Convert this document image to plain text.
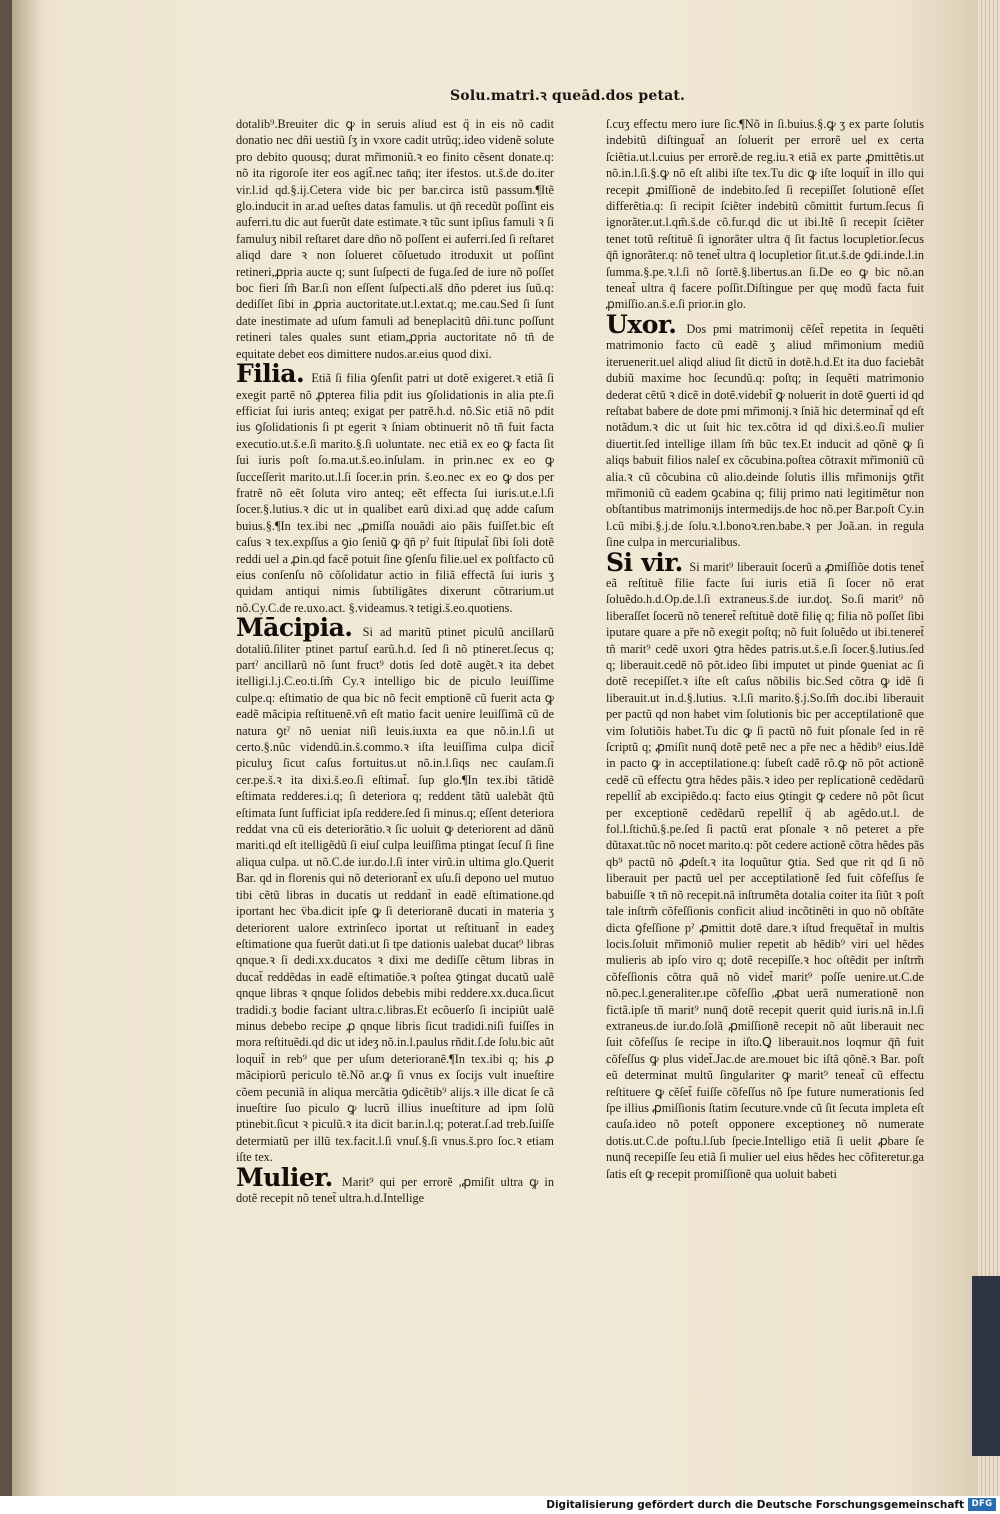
Solu.matri.ꝛ queād.dos petat.

dotalib⁹.Breuiter dic ꝙ in seruis aliud est q̈ in eis nõ cadit donatio nec dñi uestiũ ſʒ in vxore cadit utrũq;.ideo videnẽ solute pro debito quousq; durat mr̃imoniũ.ꝛ eo finito cẽsent donate.q: nõ ita rigoroſe iter eos agit̃.nec tan̄q; iter ifestos. ut.š.de do.iter vir.l.id qd.§.ij.Cetera vide bic per bar.circa istũ passum.¶Itẽ glo.inducit in ar.ad ueſtes datas famulis. ut q̄ñ recedũt poſſint eis auferri.tu dic aut fuerũt date estimate.ꝛ tũc sunt ipſius famuli ꝛ ſi famuluʒ nibil reſtaret dare dño nõ poſſent ei auferri.ſed ſi reſtaret aliqd dare ꝛ non ſolueret cõſuetudo itroduxit ut poſſint retineri,ꝓpria aucte q; sunt ſuſpecti de fuga.ſed de iure nõ poſſet boc fieri ſm̃ Bar.ſi non eſſent ſuſpecti.alš dño pderet ius ſuũ.q: dediſſet ſibi in ꝓpria auctoritate.ut.l.extat.q; me.cau.Sed ſi ſunt date inestimate ad uſum famuli ad beneplacitũ dñi.tunc poſſunt retineri tales quales sunt etiam,ꝓpria auctoritate nõ tñ de equitate debet eos dimittere nudos.ar.eius quod dixi.

Filia. Etiã ſi filia ꝯſenſit patri ut dotẽ exigeret.ꝛ etiã ſi exegit partẽ nõ ꝓpterea filia pdit ius ꝯſolidationis in alia pte.ſi efficiat ſui iuris anteq; exigat per patrẽ.h.d. nõ.Sic etiã nõ pdit ius ꝯſolidationis ſi pt egerit ꝛ ſniam obtinuerit nõ tñ fuit facta executio.ut.š.e.ſi marito.§.ſi uoluntate. nec etiã ex eo ꝙ facta ſit ſui iuris poſt ſo.ma.ut.š.eo.inſulam. in prin.nec ex eo ꝙ ſucceſſerit marito.ut.l.ſi ſocer.in prin. š.eo.nec ex eo ꝙ dos per fratrẽ nõ eẽt ſoluta viro anteq; eẽt effecta ſui iuris.ut.e.l.ſi ſocer.§.lutius.ꝛ dic ut in qualibet earũ dixi.ad quę adde caſum buius.§.¶In tex.ibi nec ,ꝓmiſſa nouãdi aio pãis fuiſſet.bic eſt caſus ꝛ tex.expſſus a ꝯio ſeniũ ꝙ q̄ñ pˀ fuit ſtipulat̃ ſibi ſoli dotẽ reddi uel a ꝓin.qd facẽ potuit ſine ꝯſenſu filie.uel ex poſtfacto cũ eius conſenſu nõ cõſolidatur actio in filiã effectã ſui iuris ʒ quidam antiqui nimis ſubtiligãtes dixerunt cõtrarium.ut nõ.Cy.C.de re.uxo.act. §.videamus.ꝛ tetigi.š.eo.quotiens.

Mācipia. Si ad maritũ ptinet piculũ ancillarũ dotaliũ.ſiliter ptinet partuſ earũ.h.d. ſed ſi nõ ptineret.ſecus q; partˀ ancillarũ nõ ſunt fruct⁹ dotis ſed dotẽ augẽt.ꝛ ita debet itelligi.l.j.C.eo.ti.ſm̃ Cy.ꝛ intelligo bic de piculo leuiſſime culpe.q: eſtimatio de qua bic nõ fecit emptionẽ cũ fuerit acta ꝙ eadẽ mãcipia reſtituenẽ.vñ eſt matio facit uenire leuiſſimã cũ de natura ꝯtˀ nõ ueniat niſi leuis.iuxta ea que nõ.in.l.ſi ut certo.§.nũc videndũ.in.š.commo.ꝛ iſta leuiſſima culpa dicit̃ piculuʒ ſicut caſus fortuitus.ut nõ.in.l.ſiqs nec cauſam.ſi cer.pe.š.ꝛ ita dixi.š.eo.ſi eſtimat̃. ſup glo.¶In tex.ibi tãtidẽ eſtimata redderes.i.q; ſi deteriora q; reddent tãtũ ualebãt q̄tũ eſtimata ſunt ſufficiat ipſa reddere.ſed ſi minus.q; eſſent deteriora reddat vna cũ eis deteriorãtio.ꝛ ſic uoluit ꝙ deteriorent ad dãnũ mariti.qd eſt itelligẽdũ ſi eiuſ culpa leuiſſima ptingat ſecuſ ſi ſine aliqua culpa. ut nõ.C.de iur.do.l.ſi inter virũ.in ultima glo.Querit Bar. qd in florenis qui nõ deteriorant̃ ex uſu.ſi depono uel mutuo tibi cẽtũ libras in ducatis ut reddant̃ in eadẽ eſtimatione.qd iportant hec v̈ba.dicit ipſe ꝙ ſi deterioranẽ ducati in materia ʒ deteriorent ualore extrinſeco iportat ut reſtituant̃ in eadeʒ eſtimatione qua fuerũt dati.ut ſi tpe dationis ualebat ducat⁹ libras qnque.ꝛ ſi dedi.xx.ducatos ꝛ dixi me dediſſe cẽtum libras in ducat̃ reddẽdas in eadẽ eſtimatiõe.ꝛ poſtea ꝯtingat ducatũ ualẽ qnque libras ꝛ qnque ſolidos debebis mibi reddere.xx.duca.ſicut tradidi.ʒ bodie faciant ultra.c.libras.Et ecõuerſo ſi incipiũt ualẽ minus debebo recipe ꝓ qnque libris ſicut tradidi.niſi fuiſſes in mora reſtituẽdi.qd dic ut ideʒ nõ.in.l.paulus rñdit.ſ.de ſolu.bic aũt loquit̃ in reb⁹ que per uſum deterioranẽ.¶In tex.ibi q; his ꝓ mãcipiorũ periculo tẽ.Nõ ar.ꝙ ſi vnus ex ſocijs vult inueſtire cõem pecuniã in aliqua mercãtia ꝯdicẽtib⁹ alijs.ꝛ ille dicat ſe cã inueſtire ſuo piculo ꝙ lucrũ illius inueſtiture ad ipm ſolũ ptinebit.ſicut ꝛ piculũ.ꝛ ita dicit bar.in.l.q; poterat.ſ.ad treb.ſuiſſe determiatũ per illũ tex.facit.l.ſi vnuſ.§.ſi vnus.š.pro ſoc.ꝛ etiam iſte tex.

Mulier. Marit⁹ qui per errorẽ ,ꝓmiſit ultra ꝙ in dotẽ recepit nõ tenet̃ ultra.h.d.Intellige

ſ.cuʒ effectu mero iure ſic.¶Nõ in ſi.buius.§.ꝙ ʒ ex parte ſolutis indebitũ diſtinguat̃ an ſoluerit per errorẽ uel ex certa ſciẽtia.ut.l.cuius per errorẽ.de reg.iu.ꝛ etiã ex parte ꝓmittẽtis.ut nõ.in.l.ſi.§.ꝙ nõ eſt alibi iſte tex.Tu dic ꝙ iſte loquit̃ in illo qui recepit ꝓmiſſionẽ de indebito.ſed ſi recepiſſet ſolutionẽ eſſet differẽtia.q: ſi recipit ſciẽter indebitũ cõmittit furtum.ſecus ſi ignorãter.ut.l.qm̃.š.de cõ.fur.qd dic ut ibi.Itẽ ſi recepit ſciẽter tenet totũ reſtituẽ ſi ignorãter ultra q̄ ſit factus locupletior.ſecus q̄ñ ignorãter.q: nõ tenet̃ ultra q̄ locupletior ſit.ut.š.de ꝯdi.inde.l.in ſumma.§.pe.ꝛ.l.ſi nõ ſortẽ.§.libertus.an ſi.De eo ꝙ bic nõ.an teneat̃ ultra q̄ facere poſſit.Diſtingue per quę modũ facta fuit ꝓmiſſio.an.š.e.ſi prior.in glo.

Uxor. Dos pmi matrimonij cẽſet̃ repetita in ſequẽti matrimonio facto cũ eadẽ ʒ aliud mr̃imonium mediũ iteruenerit.uel aliqd aliud ſit dictũ in dotẽ.h.d.Et ita duo faciebãt dubiũ maxime hoc ſecundũ.q: poſtq; in ſequẽti matrimonio dederat cẽtũ ꝛ dicẽ in dotẽ.videbit̃ ꝙ noluerit in dotẽ ꝯuerti id qd reſtabat babere de dote pmi mr̃imonij.ꝛ ſniã hic determinat̃ qd eſt notãdum.ꝛ dic ut ſuit hic tex.cõtra id qd dixi.š.eo.ſi mulier diuertit.ſed intellige illam ſm̃ bũc tex.Et inducit ad qõnẽ ꝙ ſi aliqs babuit filios naleſ ex cõcubina.poſtea cõtraxit mr̃imoniũ cũ alia.ꝛ cũ cõcubina cũ alio.deinde ſolutis illis mr̃imonijs ꝯtr̃it mr̃imoniũ cũ eadem ꝯcabina q; filij primo nati legitimẽtur non obſtantibus matrimonijs intermedijs.de hoc nõ.per Bar.poſt Cy.in l.cũ mibi.§.j.de ſolu.ꝛ.l.bonoꝛ.ren.babe.ꝛ per Joã.an. in regula ſine culpa in mercurialibus.

Si vir. Si marit⁹ liberauit ſocerũ a ꝓmiſſiõe dotis tenet̃ eã reſtituẽ filie facte ſui iuris etiã ſi ſocer nõ erat ſoluẽdo.h.d.Op.de.l.ſi extraneus.š.de iur.doţ. So.ſi marit⁹ nõ liberaſſet ſocerũ nõ teneret̃ reſtituẽ dotẽ filię q; filia nõ poſſet ſibi iputare quare a pře nõ exegit poſtq; nõ fuit ſoluẽdo ut ibi.teneret̃ tñ marit⁹ cedẽ uxori ꝯtra hẽdes patris.ut.š.e.ſi ſocer.§.lutius.ſed q; liberauit.cedẽ nõ põt.ideo ſibi imputet ut pinde ꝯueniat ac ſi dotẽ recepiſſet.ꝛ iſte eſt caſus nõbilis bic.Sed cõtra ꝙ idẽ ſi liberauit.ut in.d.§.lutius. ꝛ.l.ſi marito.§.j.So.ſm̃ doc.ibi liberauit per pactũ qd non habet vim ſolutionis bic per acceptilationẽ que vim ſolutiõis habet.Tu dic ꝙ ſi pactũ nõ fuit pſonale ſed in rẽ ſcriptũ q; ꝓmiſit nunq̄ dotẽ petẽ nec a pře nec a hẽdib⁹ eius.Idẽ in pacto ꝙ in acceptilatione.q: ſubeſt cadẽ rõ.ꝙ nõ põt actionẽ cedẽ cũ effectu ꝯtra hẽdes pãis.ꝛ ideo per replicationẽ cedẽdarũ repellit̃ ab excipiẽdo.q: facto eius ꝯtingit ꝙ cedere nõ põt ſicut per exceptionẽ cedẽdarũ repellit̃ q̈ ab agẽdo.ut.l. de fol.l.ſtichũ.§.pe.ſed ſi pactũ erat pſonale ꝛ nõ peteret a pře dũtaxat.tũc nõ nocet marito.q: põt cedere actionẽ cõtra hẽdes pãs qb⁹ pactũ nõ ꝓdeſt.ꝛ ita loquũtur ꝯtia. Sed que rit qd ſi nõ liberauit per pactũ uel per acceptilationẽ ſed fuit cõfeſſus ſe babuiſſe ꝛ tñ nõ recepit.nã inſtrumẽta dotalia coiter ita ſiũt ꝛ poſt tale inſtrm̃ cõfeſſionis conficit aliud incõtinẽti in quo nõ obſtãte dicta ꝯfeſſione pˀ ꝓmittit dotẽ dare.ꝛ iſtud frequẽtat̃ in multis locis.ſoluit mr̃imoniõ mulier repetit ab hẽdib⁹ viri uel hẽdes mulieris ab ipſo viro q; dotẽ recepiſſe.ꝛ hoc oſtẽdit per inſtrm̃ cõfeſſionis cõtra quã nõ videt̃ marit⁹ poſſe uenire.ut.C.de nõ.pec.l.generaliter.ıpe cõfeſſio ,ꝓbat uerã numerationẽ non fictã.ipſe tñ marit⁹ nunq̄ dotẽ recepit querit quid iuris.nã in.l.ſi extraneus.de iur.do.ſolã ꝓmiſſionẽ recepit nõ aũt liberauit nec ſuit cõfeſſus ſe recipe in iſto.Ꝗ liberauit.nos loqmur q̄ñ fuit cõfeſſus ꝙ plus videt̃.Jac.de are.mouet bic iſtã qõnẽ.ꝛ Bar. poſt eũ determinat multũ ſingulariter ꝙ marit⁹ teneat̃ cũ effectu reſtituere ꝙ cẽſet̃ fuiſſe cõfeſſus nõ ſpe future numerationis ſed ſpe illius ꝓmiſſionis ſtatim ſecuture.vnde cũ ſit ſecuta impleta eſt cauſa.ideo nõ poteſt opponere exceptioneʒ nõ numerate dotis.ut.C.de poſtu.l.ſub ſpecie.Intelligo etiã ſi uelit ꝓbare ſe nunq̄ recepiſſe ſeu etiã ſi mulier uel eius hẽdes hec cõfiteretur.ga ſatis eſt ꝙ recepit promiſſionẽ qua uoluit babeti

Digitalisierung gefördert durch die Deutsche Forschungsgemeinschaft DFG
